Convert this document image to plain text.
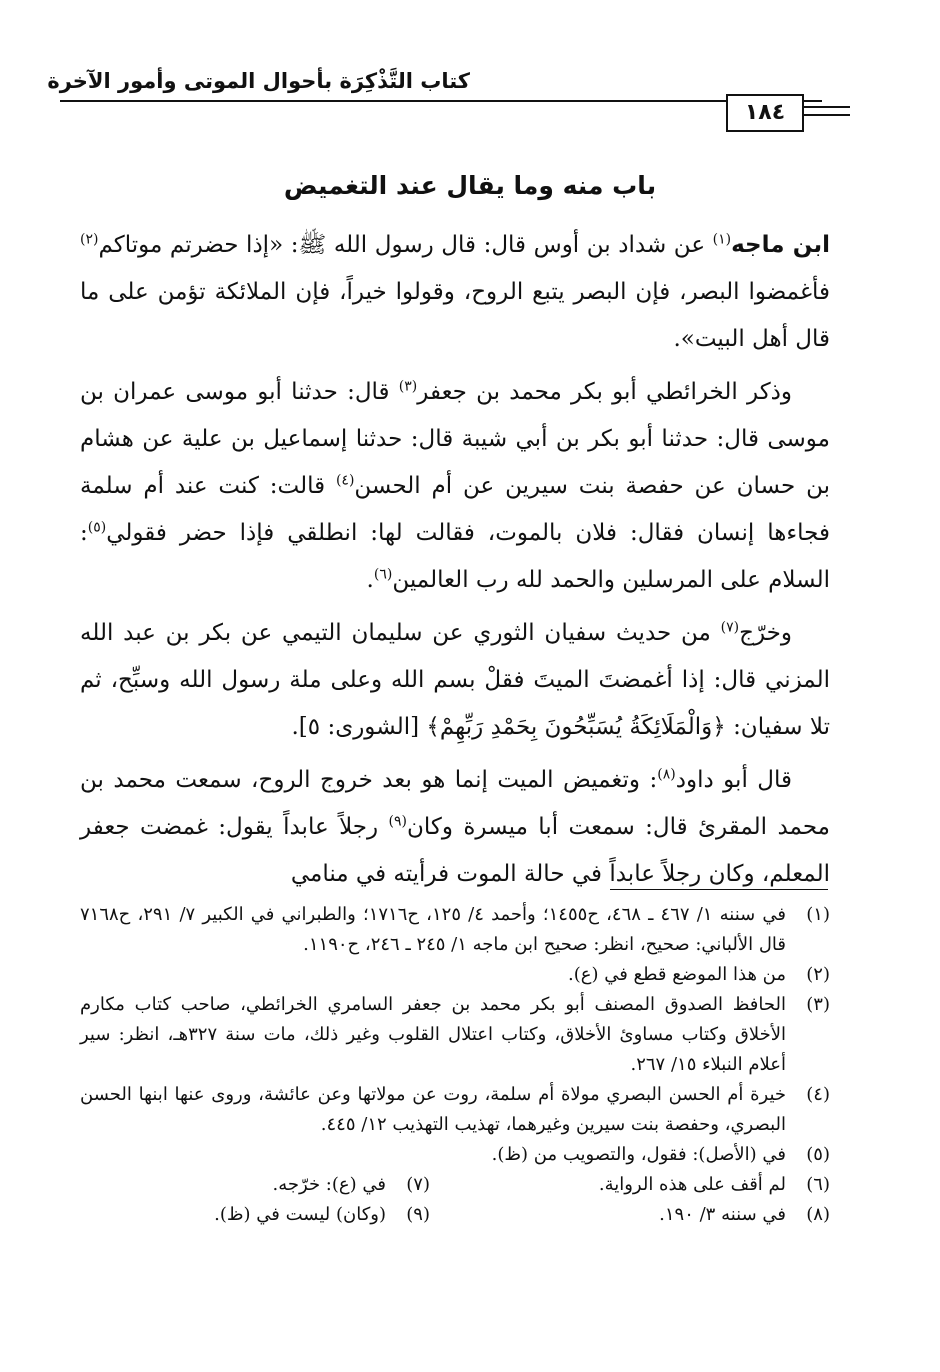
كتاب التَّذْكِرَة بأحوال الموتى وأمور الآخرة
١٨٤
باب منه وما يقال عند التغميض

ابن ماجه$^{(١)}$ عن شداد بن أوس قال: قال رسول الله ﷺ: «إذا حضرتم موتاكم$^{(٢)}$ فأغمضوا البصر، فإن البصر يتبع الروح، وقولوا خيراً، فإن الملائكة تؤمن على ما قال أهل البيت».

وذكر الخرائطي أبو بكر محمد بن جعفر$^{(٣)}$ قال: حدثنا أبو موسى عمران بن موسى قال: حدثنا أبو بكر بن أبي شيبة قال: حدثنا إسماعيل بن علية عن هشام بن حسان عن حفصة بنت سيرين عن أم الحسن$^{(٤)}$ قالت: كنت عند أم سلمة فجاءها إنسان فقال: فلان بالموت، فقالت لها: انطلقي فإذا حضر فقولي$^{(٥)}$: السلام على المرسلين والحمد لله رب العالمين$^{(٦)}$.

وخرّج$^{(٧)}$ من حديث سفيان الثوري عن سليمان التيمي عن بكر بن عبد الله المزني قال: إذا أغمضتَ الميتَ فقلْ بسم الله وعلى ملة رسول الله وسبِّح، ثم تلا سفيان: ﴿وَالْمَلَائِكَةُ يُسَبِّحُونَ بِحَمْدِ رَبِّهِمْ﴾ [الشورى: ٥].

قال أبو داود$^{(٨)}$: وتغميض الميت إنما هو بعد خروج الروح، سمعت محمد بن محمد المقرئ قال: سمعت أبا ميسرة وكان$^{(٩)}$ رجلاً عابداً يقول: غمضت جعفر المعلم، وكان رجلاً عابداً في حالة الموت فرأيته في منامي

(١)
في سننه ١/ ٤٦٧ ـ ٤٦٨، ح١٤٥٥؛ وأحمد ٤/ ١٢٥، ح١٧١٦؛ والطبراني في الكبير ٧/ ٢٩١، ح٧١٦٨ قال الألباني: صحيح، انظر: صحيح ابن ماجه ١/ ٢٤٥ ـ ٢٤٦، ح١١٩٠.
(٢)
من هذا الموضع قطع في (ع).
(٣)
الحافظ الصدوق المصنف أبو بكر محمد بن جعفر السامري الخرائطي، صاحب كتاب مكارم الأخلاق وكتاب مساوئ الأخلاق، وكتاب اعتلال القلوب وغير ذلك، مات سنة ٣٢٧هـ، انظر: سير أعلام النبلاء ١٥/ ٢٦٧.
(٤)
خيرة أم الحسن البصري مولاة أم سلمة، روت عن مولاتها وعن عائشة، وروى عنها ابنها الحسن البصري، وحفصة بنت سيرين وغيرهما، تهذيب التهذيب ١٢/ ٤٤٥.
(٥)
في (الأصل): فقول، والتصويب من (ظ).
(٦)
لم أقف على هذه الرواية.
(٧)
في (ع): خرّجه.
(٨)
في سننه ٣/ ١٩٠.
(٩)
(وكان) ليست في (ظ).
